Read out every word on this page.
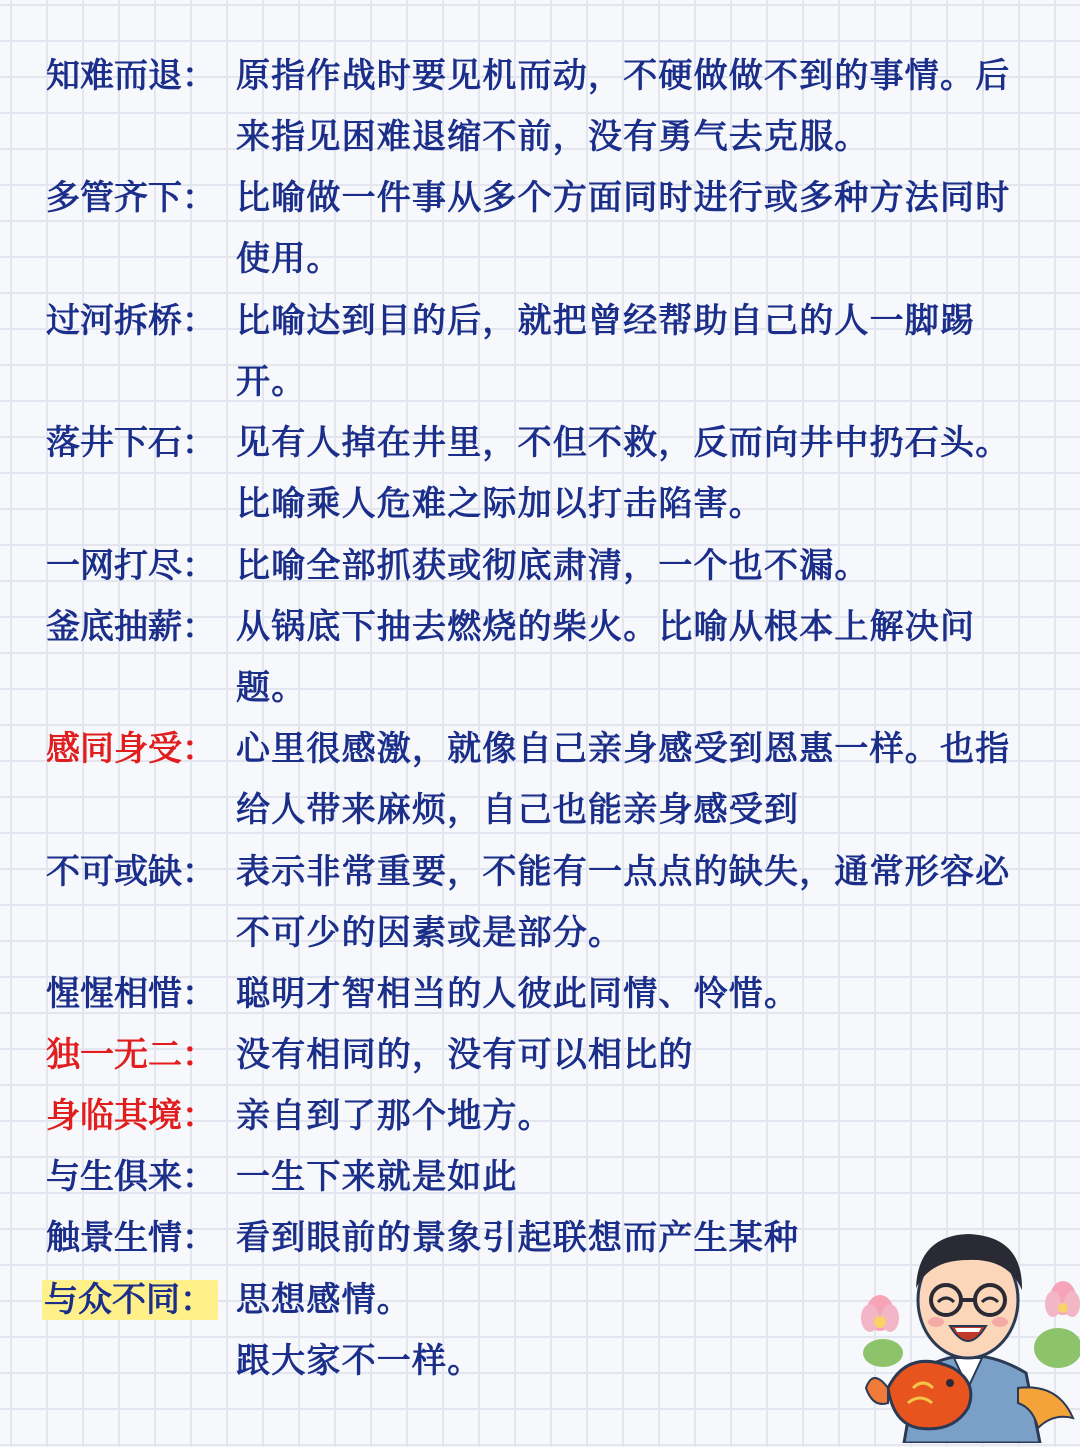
知难而退： 原指作战时要见机而动，不硬做做不到的事情。后来指见困难退缩不前，没有勇气去克服。
多管齐下： 比喻做一件事从多个方面同时进行或多种方法同时使用。
过河拆桥： 比喻达到目的后，就把曾经帮助自己的人一脚踢开。
落井下石： 见有人掉在井里，不但不救，反而向井中扔石头。比喻乘人危难之际加以打击陷害。
一网打尽： 比喻全部抓获或彻底肃清，一个也不漏。
釜底抽薪： 从锅底下抽去燃烧的柴火。比喻从根本上解决问题。
感同身受： 心里很感激，就像自己亲身感受到恩惠一样。也指给人带来麻烦，自己也能亲身感受到
不可或缺： 表示非常重要，不能有一点点的缺失，通常形容必不可少的因素或是部分。
惺惺相惜： 聪明才智相当的人彼此同情、怜惜。
独一无二： 没有相同的，没有可以相比的
身临其境： 亲自到了那个地方。
与生俱来： 一生下来就是如此
触景生情： 看到眼前的景象引起联想而产生某种
与众不同： 思想感情。
跟大家不一样。
